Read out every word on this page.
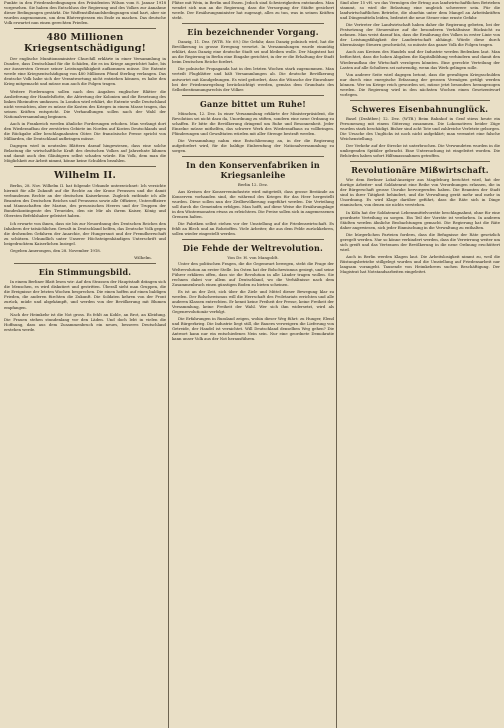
Punkte in den Friedensbedingungen des Präsidenten Wilson vom 8. Januar 1918 vorgesehen. Sie haben den Entschluss der Regierung und des Volkes zur Annahme dieser Bedingungen gestärkt. Die Waffenstillstandsbedingungen sind hart, aber sie wurden angenommen, um dem Blutvergiessen ein Ende zu machen. Das deutsche Volk erwartet nun einen gerechten Frieden.

480 Millionen Kriegsentschädigung!

Der englische Munitionsminister Churchill erklärte in einer Versammlung in Dundee, dass Deutschland für die Schäden, die es im Kriege angerichtet habe, bis zur äussersten Grenze seiner Leistungsfähigkeit aufkommen müsse. Die Entente werde eine Kriegsentschädigung von 480 Millionen Pfund Sterling verlangen. Das deutsche Volk habe sich der Verantwortung nicht entziehen können, es habe den Krieg mitgemacht und müsse nun auch die Folgen tragen.

Weitere Forderungen sollen nach den Angaben englischer Blätter die Auslieferung der Handelsflotte, die Abtretung der Kolonien und die Besetzung des linken Rheinufers umfassen. In London wird erklärt, die Entente wolle Deutschland nicht vernichten, aber es müsse die Kosten des Krieges in einem Masse tragen, das seinen Kräften entspricht. Die Verhandlungen sollen nach der Wahl der Nationalversammlung beginnen.

Auch in Frankreich werden ähnliche Forderungen erhoben. Man verlangt dort den Wiederaufbau der zerstörten Gebiete im Norden auf Kosten Deutschlands und die Rückgabe aller beschlagnahmten Güter. Die französische Presse spricht von Milliarden, die Deutschland aufbringen müsse.

Dagegen wird in neutralen Blättern darauf hingewiesen, dass eine solche Belastung die wirtschaftliche Kraft des deutschen Volkes auf Jahrzehnte lähmen und damit auch den Gläubigern selbst schaden würde. Ein Volk, dem man die Möglichkeit zur Arbeit nimmt, könne keine Schulden bezahlen.

Wilhelm II.

Berlin, 28. Nov. Wilhelm II. hat folgende Urkunde unterzeichnet: Ich verzichte hiermit für alle Zukunft auf die Rechte an der Krone Preussen und die damit verbundenen Rechte an der deutschen Kaiserkrone. Zugleich entbinde ich alle Beamten des Deutschen Reiches und Preussens sowie alle Offiziere, Unteroffiziere und Mannschaften der Marine, des preussischen Heeres und der Truppen der Bundeskontingente des Treueides, den sie Mir als ihrem Kaiser, König und Obersten Befehlshaber geleistet haben.

Ich erwarte von ihnen, dass sie bis zur Neuordnung des Deutschen Reiches den Inhabern der tatsächlichen Gewalt in Deutschland helfen, das Deutsche Volk gegen die drohenden Gefahren der Anarchie, der Hungersnot und der Fremdherrschaft zu schützen. Urkundlich unter Unserer Höchsteigenhändigen Unterschrift und beigedrucktem Kaiserlichen Insiegel.

Gegeben Amerongen, den 28. November 1918.

Wilhelm.
Ein Stimmungsbild.

In einem Berliner Blatt lesen wir: Auf den Strassen der Hauptstadt drängen sich die Menschen, es wird diskutiert und gestritten. Überall sieht man Gruppen, die die Ereignisse der letzten Wochen besprechen. Die einen hoffen auf einen baldigen Frieden, die anderen fürchten die Zukunft. Die Soldaten kehren von der Front zurück, müde und abgekämpft, und werden von der Bevölkerung mit Blumen empfangen.

Nach der Heimkehr ist die Not gross. Es fehlt an Kohle, an Brot, an Kleidung. Die Frauen stehen stundenlang vor den Läden. Und doch lebt in vielen die Hoffnung, dass aus dem Zusammenbruch ein neues, besseres Deutschland erstehen werde.

Plätze mit Wein, in Berlin und Essen. Jedoch sind Schwierigkeiten entstanden. Man wendet sich nun an die Regierung, dass die Versorgung der Städte gesichert werde. Der Ernährungsminister hat zugesagt, alles zu tun, was in seinen Kräften steht.

Ein bezeichnender Vorgang.

Danzig, 11. Dez. (WTB. Nr. 69.) Die Gefahr, dass Danzig polnisch wird, hat die Bevölkerung in grosse Erregung versetzt. In Versammlungen wurde einmütig erklärt, dass Danzig eine deutsche Stadt sei und bleiben wolle. Der Magistrat hat an die Regierung in Berlin eine Eingabe gerichtet, in der er die Erhaltung der Stadt beim Deutschen Reiche fordert.

Die polnische Propaganda hat in den letzten Wochen stark zugenommen. Man verteilt Flugblätter und hält Versammlungen ab. Die deutsche Bevölkerung antwortet mit Kundgebungen. Es wird gefordert, dass die Wünsche der Einwohner bei der Friedensregelung berücksichtigt werden, gemäss dem Grundsatz des Selbstbestimmungsrechts der Völker.

Ganze bittet um Ruhe!

München, 12. Dez. In einer Versammlung erklärte der Ministerpräsident, die Revolution sei nicht dazu da, Unordnung zu stiften, sondern eine neue Ordnung zu schaffen. Er bitte die Bevölkerung dringend um Ruhe und Besonnenheit. Jeder Einzelne müsse mithelfen, das schwere Werk des Wiederaufbaus zu vollbringen. Plünderungen und Gewalttaten würden mit aller Strenge bestraft werden.

Die Versammlung nahm eine Entschliessung an, in der die Regierung aufgefordert wird, für die baldige Einberufung der Nationalversammlung zu sorgen.

In den Konservenfabriken in Kriegsanleihe
Berlin 12. Dez.

Aus Kreisen der Konservenindustrie wird mitgeteilt, dass grosse Bestände an Konserven vorhanden sind, die während des Krieges für das Heer hergestellt wurden. Diese sollen nun der Zivilbevölkerung zugeführt werden. Die Verteilung soll durch die Gemeinden erfolgen. Man hofft, auf diese Weise die Ernährungslage in den Wintermonaten etwas zu erleichtern. Die Preise sollen sich in angemessenen Grenzen halten.

Die Fabriken selbst stehen vor der Umstellung auf die Friedenswirtschaft. Es fehlt an Blech und an Rohstoffen. Viele Arbeiter, die aus dem Felde zurückkehren, sollen wieder eingestellt werden.

Die Fehde der Weltrevolution.
Von Dr. H. von Mangoldt.

Unter den politischen Fragen, die die Gegenwart bewegen, steht die Frage der Weltrevolution an erster Stelle. Im Osten hat der Bolschewismus gesiegt, und seine Führer erklären offen, dass sie die Revolution in alle Länder tragen wollen. Sie rechnen dabei vor allem auf Deutschland, wo die Verhältnisse nach dem Zusammenbruch einen günstigen Boden zu bieten scheinen.

Es ist an der Zeit, sich über die Ziele und Mittel dieser Bewegung klar zu werden. Der Bolschewismus will die Herrschaft des Proletariats errichten und alle anderen Klassen entrechten. Er kennt keine Freiheit der Presse, keine Freiheit der Versammlung, keine Freiheit der Wahl. Wer sich ihm widersetzt, wird als Gegenrevolutionär verfolgt.

Die Erfahrungen in Russland zeigen, wohin dieser Weg führt: zu Hunger, Elend und Bürgerkrieg. Die Industrie liegt still, die Bauern verweigern die Lieferung von Getreide, der Handel ist vernichtet. Will Deutschland denselben Weg gehen? Die Antwort kann nur ein entschiedenes Nein sein. Nur eine geordnete Demokratie kann unser Volk aus der Not herausführen.

Sind aber 15 vH. wo das Vermögen der Ertrag aus landwirtschaftlichen Betrieben stammt, so wird die Belastung eine ungleich schwerere sein. Für die landwirtschaftlichen Betriebe, die ohnehin unter dem Mangel an Arbeitskräften und Düngemitteln leiden, bedeutet die neue Steuer eine ernste Gefahr.

Die Vertreter der Landwirtschaft haben daher die Regierung gebeten, bei der Festsetzung der Steuersätze auf die besonderen Verhältnisse Rücksicht zu nehmen. Man weist darauf hin, dass die Ernährung des Volkes in erster Linie von der Leistungsfähigkeit der Landwirtschaft abhängt. Würde diese durch übermässige Steuern geschwächt, so müsste das ganze Volk die Folgen tragen.

Auch aus Kreisen des Handels und der Industrie werden Bedenken laut. Man befürchtet, dass die hohen Abgaben die Kapitalbildung verhindern und damit den Wiederaufbau der Wirtschaft verzögern könnten. Eine gerechte Verteilung der Lasten auf alle Schultern sei notwendig, wenn das Werk gelingen solle.

Von anderer Seite wird dagegen betont, dass die gewaltigen Kriegsschulden nur durch eine energische Erfassung der grossen Vermögen getilgt werden können. Wer im Kriege reich geworden sei, müsse jetzt besonders herangezogen werden. Die Regierung wird in den nächsten Wochen einen Gesetzentwurf vorlegen.

Schweres Eisenbahnunglück.

Basel (Drahtber.) 12. Dez. (WTB.) Beim Bahnhof in Genf stiess heute ein Personenzug mit einem Güterzug zusammen. Die Lokomotiven beider Züge wurden stark beschädigt. Bisher sind acht Tote und zahlreiche Verletzte geborgen. Die Ursache des Unglücks ist noch nicht aufgeklärt; man vermutet eine falsche Weichenstellung.

Der Verkehr auf der Strecke ist unterbrochen. Die Verwundeten wurden in die umliegenden Spitäler gebracht. Eine Untersuchung ist eingeleitet worden. Die Behörden haben sofort Hilfsmassnahmen getroffen.

Revolutionäre Mißwirtschaft.

Wie dem Berliner Lokal-Anzeiger aus Magdeburg berichtet wird, hat der dortige Arbeiter- und Soldatenrat eine Reihe von Verordnungen erlassen, die in der Bürgerschaft grosse Unruhe hervorgerufen haben. Die Beamten der Stadt sind in ihrer Tätigkeit behindert, und die Verwaltung gerät mehr und mehr in Unordnung. Es wird Klage darüber geführt, dass die Räte sich in Dinge einmischen, von denen sie nichts verstehen.

In Köln hat der Soldatenrat Lebensmittelvorräte beschlagnahmt, ohne für eine geordnete Verteilung zu sorgen. Ein Teil der Vorräte ist verdorben. In anderen Städten werden ähnliche Beobachtungen gemacht. Die Regierung hat die Räte daher angewiesen, sich jeder Einmischung in die Verwaltung zu enthalten.

Die bürgerlichen Parteien fordern, dass die Befugnisse der Räte gesetzlich geregelt werden. Nur so könne verhindert werden, dass die Verwirrung weiter um sich greift und das Vertrauen der Bevölkerung in die neue Ordnung erschüttert wird.

Auch in Berlin werden Klagen laut. Die Arbeitslosigkeit nimmt zu, weil die Rüstungsbetriebe stillgelegt wurden und die Umstellung auf Friedensarbeit nur langsam vorangeht. Tausende von Heimkehrern suchen Beschäftigung. Der Magistrat hat Notstandsarbeiten eingeleitet.
